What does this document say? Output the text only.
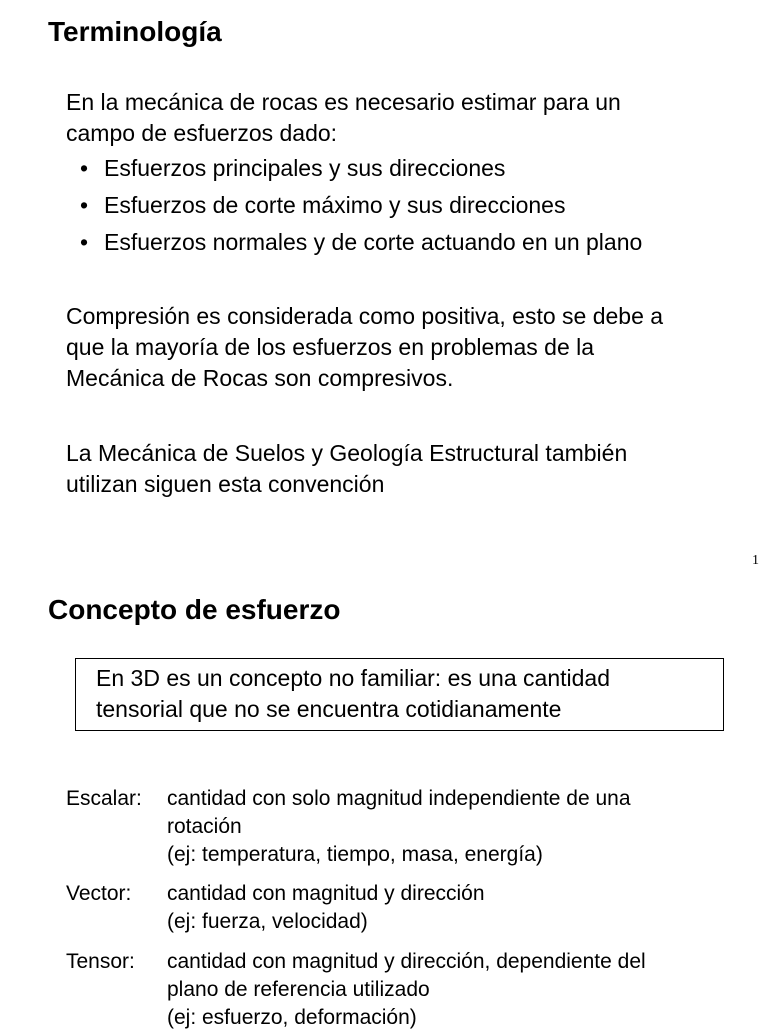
Terminología
En la mecánica de rocas es necesario estimar para un
campo de esfuerzos dado:
• Esfuerzos principales y sus direcciones
• Esfuerzos de corte máximo y sus direcciones
• Esfuerzos normales y de corte actuando en un plano
Compresión es considerada como positiva, esto se debe a
que la mayoría de los esfuerzos en problemas de la
Mecánica de Rocas son compresivos.
La Mecánica de Suelos y Geología Estructural también
utilizan siguen esta convención
1
Concepto de esfuerzo
En 3D es un concepto no familiar: es una cantidad
tensorial que no se encuentra cotidianamente
Escalar: cantidad con solo magnitud independiente de una
rotación
(ej: temperatura, tiempo, masa, energía)
Vector: cantidad con magnitud y dirección
(ej: fuerza, velocidad)
Tensor: cantidad con magnitud y dirección, dependiente del
plano de referencia utilizado
(ej: esfuerzo, deformación)
